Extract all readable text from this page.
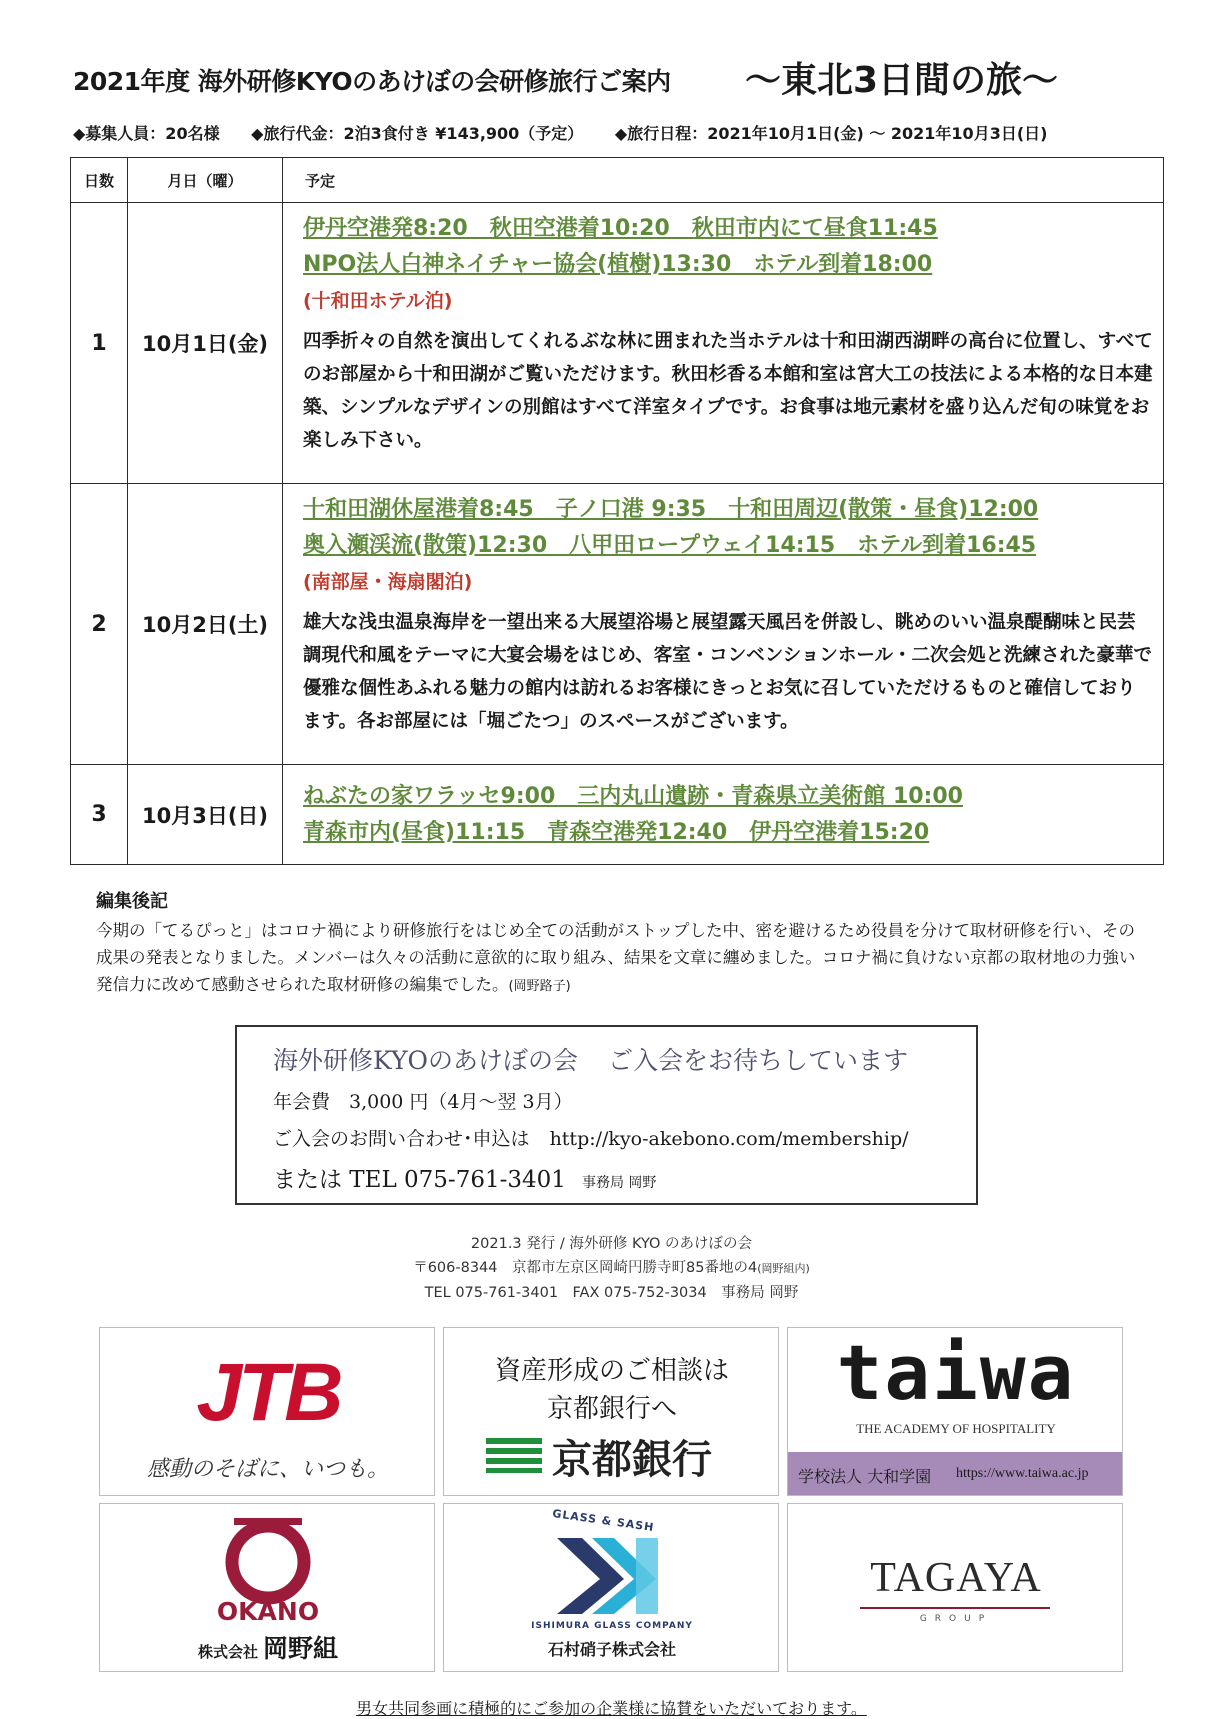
2021年度 海外研修KYOのあけぼの会研修旅行ご案内 〜東北3日間の旅〜
◆募集人員：20名様 ◆旅行代金：2泊3食付き ¥143,900（予定） ◆旅行日程：2021年10月1日(金) 〜 2021年10月3日(日)
日数	月日（曜）	予定
1	10月1日(金)	伊丹空港発8:20　秋田空港着10:20　秋田市内にて昼食11:45
NPO法人白神ネイチャー協会(植樹)13:30　ホテル到着18:00
(十和田ホテル泊)
四季折々の自然を演出してくれるぶな林に囲まれた当ホテルは十和田湖西湖畔の高台に位置し、すべてのお部屋から十和田湖がご覧いただけます。秋田杉香る本館和室は宮大工の技法による本格的な日本建築、シンプルなデザインの別館はすべて洋室タイプです。お食事は地元素材を盛り込んだ旬の味覚をお楽しみ下さい。

2	10月2日(土)	十和田湖休屋港着8:45　子ノ口港 9:35　十和田周辺(散策・昼食)12:00
奥入瀬渓流(散策)12:30　八甲田ロープウェイ14:15　ホテル到着16:45
(南部屋・海扇閣泊)
雄大な浅虫温泉海岸を一望出来る大展望浴場と展望露天風呂を併設し、眺めのいい温泉醍醐味と民芸調現代和風をテーマに大宴会場をはじめ、客室・コンベンションホール・二次会処と洗練された豪華で優雅な個性あふれる魅力の館内は訪れるお客様にきっとお気に召していただけるものと確信しております。各お部屋には「堀ごたつ」のスペースがございます。

3	10月3日(日)	ねぶたの家ワラッセ9:00　三内丸山遺跡・青森県立美術館 10:00
青森市内(昼食)11:15　青森空港発12:40　伊丹空港着15:20
編集後記
今期の「てるぴっと」はコロナ禍により研修旅行をはじめ全ての活動がストップした中、密を避けるため役員を分けて取材研修を行い、その成果の発表となりました。メンバーは久々の活動に意欲的に取り組み、結果を文章に纏めました。コロナ禍に負けない京都の取材地の力強い発信力に改めて感動させられた取材研修の編集でした。(岡野路子)
海外研修KYOのあけぼの会 ご入会をお待ちしています
年会費　3,000 円（4月〜翌 3月）
ご入会のお問い合わせ･申込は http://kyo-akebono.com/membership/
または TEL 075-761-3401 事務局 岡野
2021.3 発行 / 海外研修 KYO のあけぼの会
〒606-8344　京都市左京区岡崎円勝寺町85番地の4(岡野組内)
TEL 075-761-3401　FAX 075-752-3034　事務局 岡野
JTB
感動のそばに、いつも。
資産形成のご相談は
京都銀行へ
京都銀行
taiwa
THE ACADEMY OF HOSPITALITY
学校法人 大和学園 https://www.taiwa.ac.jp
OKANO
株式会社 岡野組
GLASS & SASH
ISHIMURA GLASS COMPANY
石村硝子株式会社
TAGAYA
GROUP
男女共同参画に積極的にご参加の企業様に協賛をいただいております。
